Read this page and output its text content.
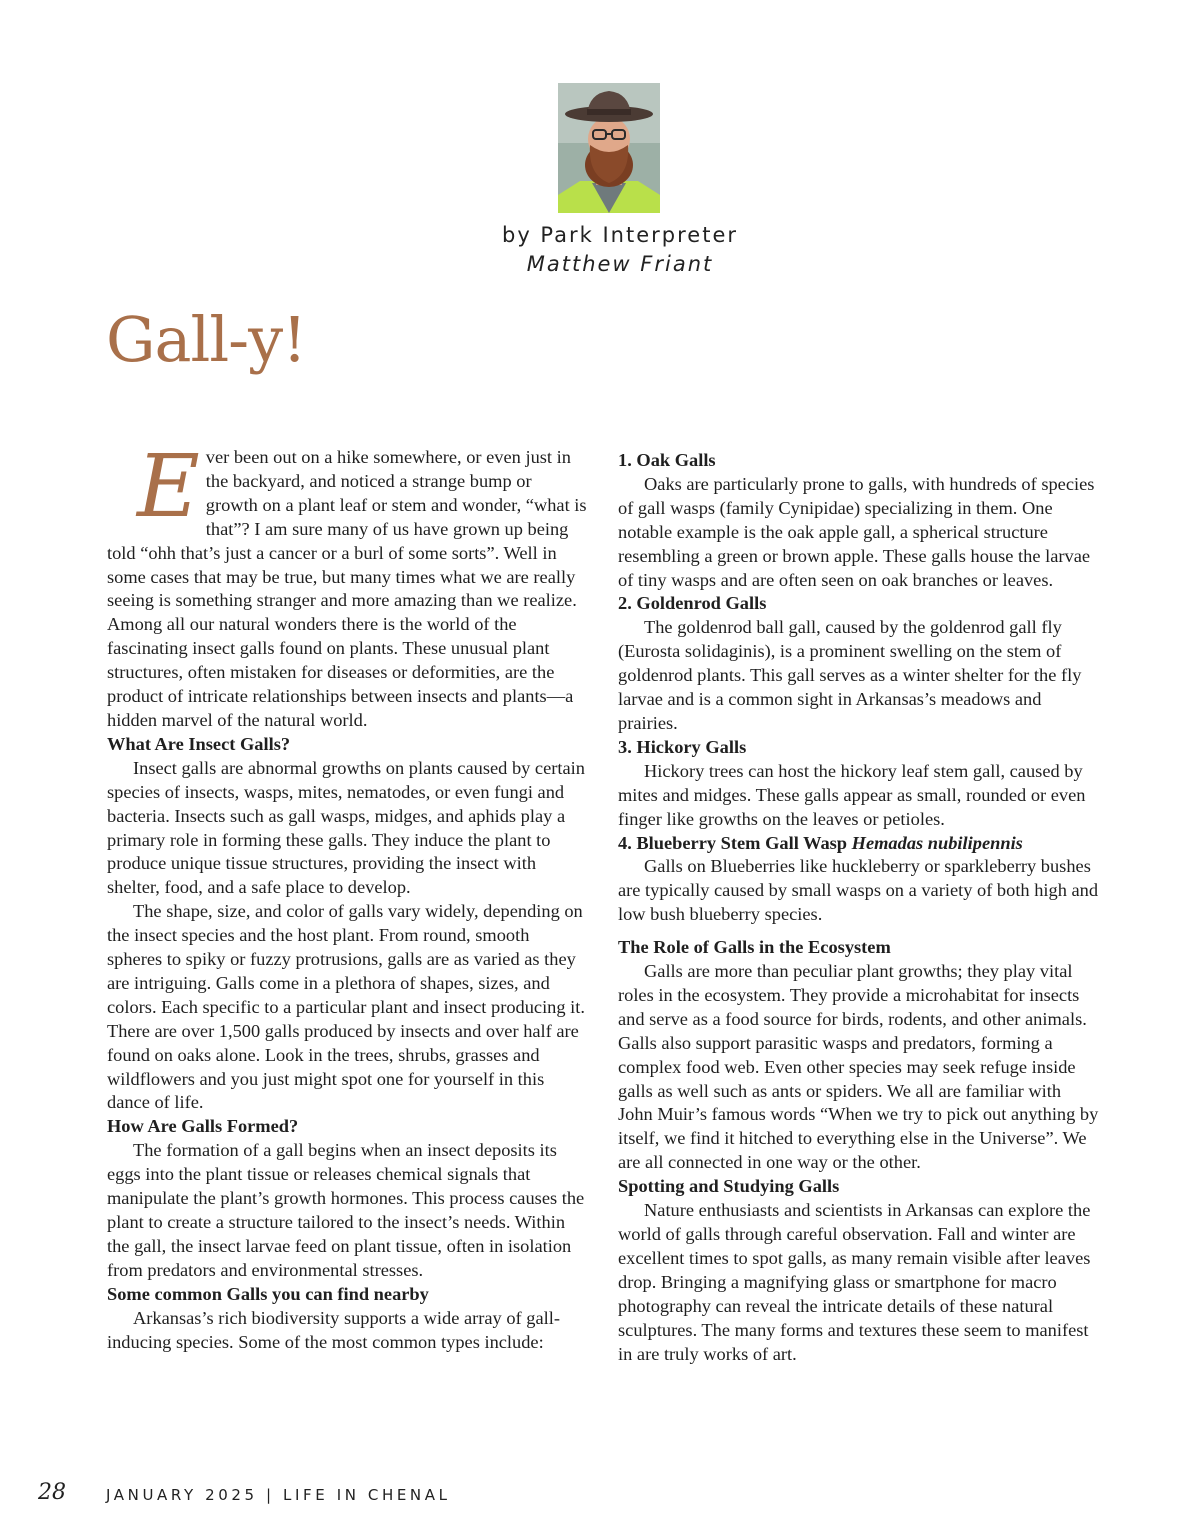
by Park Interpreter
Matthew Friant
Gall-y!

Ever been out on a hike somewhere, or even just in the backyard, and noticed a strange bump or growth on a plant leaf or stem and wonder, “what is that”? I am sure many of us have grown up being told “ohh that’s just a cancer or a burl of some sorts”. Well in some cases that may be true, but many times what we are really seeing is something stranger and more amazing than we realize. Among all our natural wonders there is the world of the fascinating insect galls found on plants. These unusual plant structures, often mistaken for diseases or deformities, are the product of intricate relationships between insects and plants—a hidden marvel of the natural world.

What Are Insect Galls?

Insect galls are abnormal growths on plants caused by certain species of insects, wasps, mites, nematodes, or even fungi and bacteria. Insects such as gall wasps, midges, and aphids play a primary role in forming these galls. They induce the plant to produce unique tissue structures, providing the insect with shelter, food, and a safe place to develop.

The shape, size, and color of galls vary widely, depending on the insect species and the host plant. From round, smooth spheres to spiky or fuzzy protrusions, galls are as varied as they are intriguing. Galls come in a plethora of shapes, sizes, and colors. Each specific to a particular plant and insect producing it. There are over 1,500 galls produced by insects and over half are found on oaks alone. Look in the trees, shrubs, grasses and wildflowers and you just might spot one for yourself in this dance of life.

How Are Galls Formed?

The formation of a gall begins when an insect deposits its eggs into the plant tissue or releases chemical signals that manipulate the plant’s growth hormones. This process causes the plant to create a structure tailored to the insect’s needs. Within the gall, the insect larvae feed on plant tissue, often in isolation from predators and environmental stresses.

Some common Galls you can find nearby

Arkansas’s rich biodiversity supports a wide array of gall-inducing species. Some of the most common types include:

1. Oak Galls

Oaks are particularly prone to galls, with hundreds of species of gall wasps (family Cynipidae) specializing in them. One notable example is the oak apple gall, a spherical structure resembling a green or brown apple. These galls house the larvae of tiny wasps and are often seen on oak branches or leaves.

2. Goldenrod Galls

The goldenrod ball gall, caused by the goldenrod gall fly (Eurosta solidaginis), is a prominent swelling on the stem of goldenrod plants. This gall serves as a winter shelter for the fly larvae and is a common sight in Arkansas’s meadows and prairies.

3. Hickory Galls

Hickory trees can host the hickory leaf stem gall, caused by mites and midges. These galls appear as small, rounded or even finger like growths on the leaves or petioles.

4. Blueberry Stem Gall Wasp Hemadas nubilipennis

Galls on Blueberries like huckleberry or sparkleberry bushes are typically caused by small wasps on a variety of both high and low bush blueberry species.

The Role of Galls in the Ecosystem

Galls are more than peculiar plant growths; they play vital roles in the ecosystem. They provide a microhabitat for insects and serve as a food source for birds, rodents, and other animals. Galls also support parasitic wasps and predators, forming a complex food web. Even other species may seek refuge inside galls as well such as ants or spiders. We all are familiar with John Muir’s famous words “When we try to pick out anything by itself, we find it hitched to everything else in the Universe”. We are all connected in one way or the other.

Spotting and Studying Galls

Nature enthusiasts and scientists in Arkansas can explore the world of galls through careful observation. Fall and winter are excellent times to spot galls, as many remain visible after leaves drop. Bringing a magnifying glass or smartphone for macro photography can reveal the intricate details of these natural sculptures. The many forms and textures these seem to manifest in are truly works of art.

28	JANUARY 2025 | LIFE IN CHENAL
